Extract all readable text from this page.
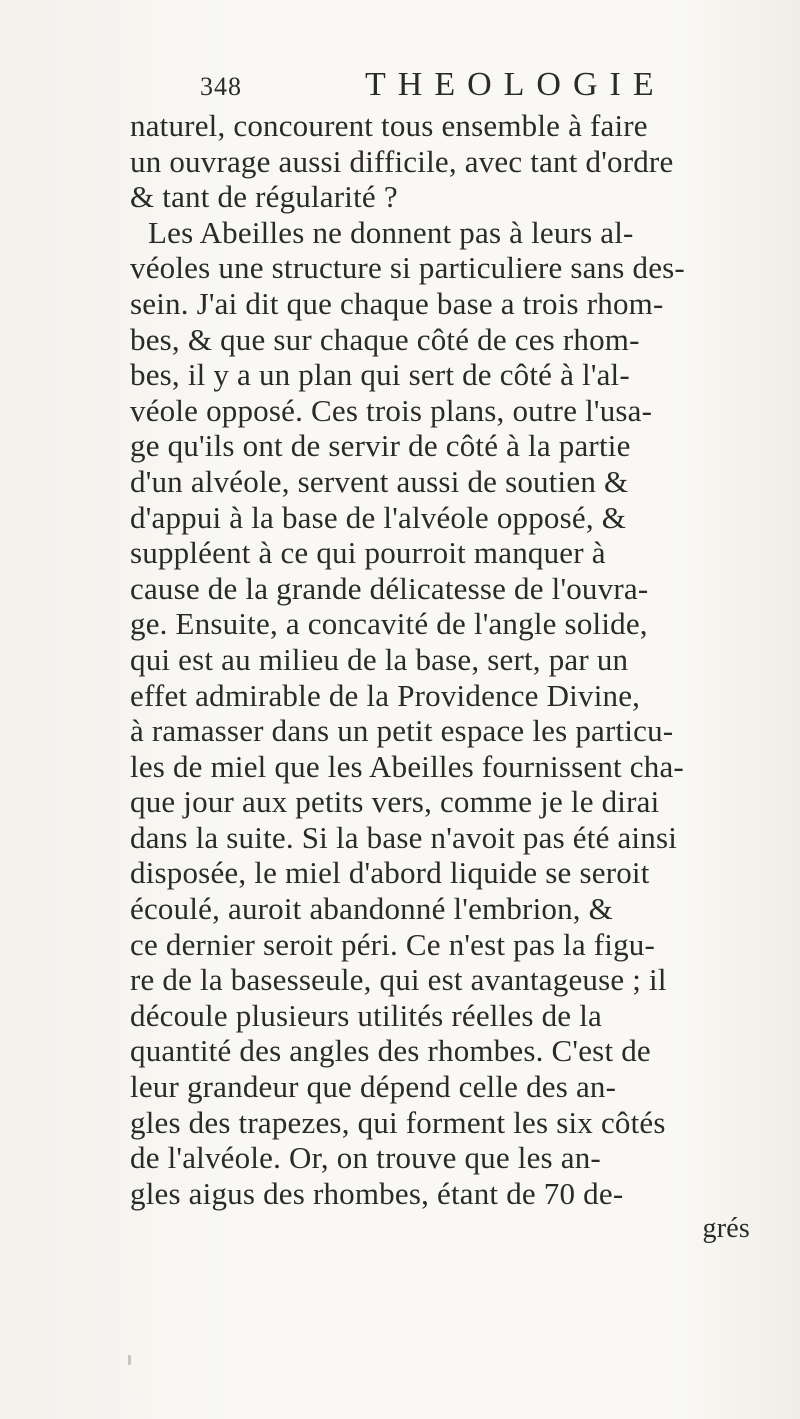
348	THEOLOGIE
naturel, concourent tous ensemble à faire
un ouvrage aussi difficile, avec tant d'ordre
& tant de régularité ?
Les Abeilles ne donnent pas à leurs al-
véoles une structure si particuliere sans des-
sein. J'ai dit que chaque base a trois rhom-
bes, & que sur chaque côté de ces rhom-
bes, il y a un plan qui sert de côté à l'al-
véole opposé. Ces trois plans, outre l'usa-
ge qu'ils ont de servir de côté à la partie
d'un alvéole, servent aussi de soutien &
d'appui à la base de l'alvéole opposé, &
suppléent à ce qui pourroit manquer à
cause de la grande délicatesse de l'ouvra-
ge. Ensuite, a concavité de l'angle solide,
qui est au milieu de la base, sert, par un
effet admirable de la Providence Divine,
à ramasser dans un petit espace les particu-
les de miel que les Abeilles fournissent cha-
que jour aux petits vers, comme je le dirai
dans la suite. Si la base n'avoit pas été ainsi
disposée, le miel d'abord liquide se seroit
écoulé, auroit abandonné l'embrion, &
ce dernier seroit péri. Ce n'est pas la figu-
re de la basesseule, qui est avantageuse ; il
découle plusieurs utilités réelles de la
quantité des angles des rhombes. C'est de
leur grandeur que dépend celle des an-
gles des trapezes, qui forment les six côtés
de l'alvéole. Or, on trouve que les an-
gles aigus des rhombes, étant de 70 de-
grés
